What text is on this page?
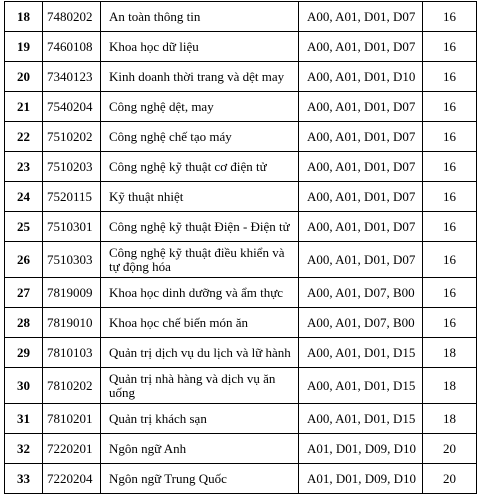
18	7480202	An toàn thông tin	A00, A01, D01, D07	16
19	7460108	Khoa học dữ liệu	A00, A01, D01, D07	16
20	7340123	Kinh doanh thời trang và dệt may	A00, A01, D01, D10	16
21	7540204	Công nghệ dệt, may	A00, A01, D01, D07	16
22	7510202	Công nghệ chế tạo máy	A00, A01, D01, D07	16
23	7510203	Công nghệ kỹ thuật cơ điện tử	A00, A01, D01, D07	16
24	7520115	Kỹ thuật nhiệt	A00, A01, D01, D07	16
25	7510301	Công nghệ kỹ thuật Điện - Điện tử	A00, A01, D01, D07	16
26	7510303	Công nghệ kỹ thuật điều khiển và tự động hóa	A00, A01, D01, D07	16
27	7819009	Khoa học dinh dưỡng và ẩm thực	A00, A01, D07, B00	16
28	7819010	Khoa học chế biến món ăn	A00, A01, D07, B00	16
29	7810103	Quản trị dịch vụ du lịch và lữ hành	A00, A01, D01, D15	18
30	7810202	Quản trị nhà hàng và dịch vụ ăn uống	A00, A01, D01, D15	18
31	7810201	Quản trị khách sạn	A00, A01, D01, D15	18
32	7220201	Ngôn ngữ Anh	A01, D01, D09, D10	20
33	7220204	Ngôn ngữ Trung Quốc	A01, D01, D09, D10	20
